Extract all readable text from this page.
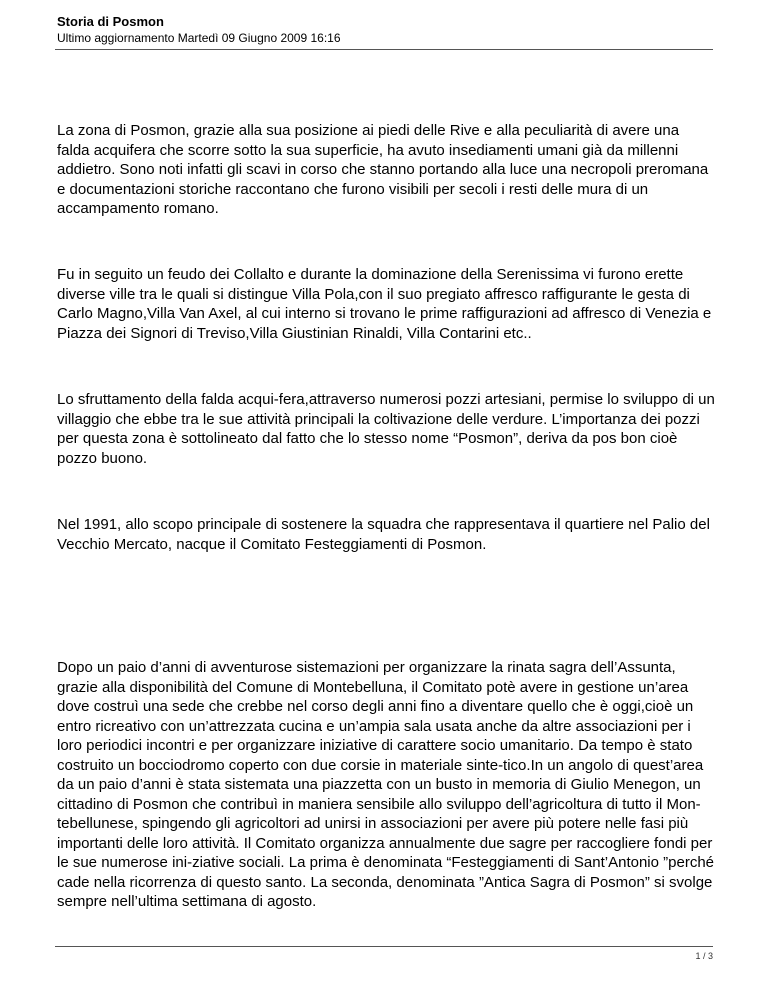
Storia di Posmon
Ultimo aggiornamento Martedì 09 Giugno 2009 16:16

La zona di Posmon, grazie alla sua posizione ai piedi delle Rive e alla peculiarità di avere una falda acquifera che scorre sotto la sua superficie, ha avuto insediamenti umani già da millenni addietro. Sono noti infatti gli scavi in corso che stanno portando alla luce una necropoli preromana e documentazioni storiche raccontano che furono visibili per secoli i resti delle mura di un accampamento romano.

Fu in seguito un feudo dei Collalto e durante la dominazione della Serenissima vi furono erette diverse ville tra le quali si distingue Villa Pola,con il suo pregiato affresco raffigurante le gesta di Carlo Magno,Villa Van Axel, al cui interno si trovano le prime raffigurazioni ad affresco di Venezia e Piazza dei Signori di Treviso,Villa Giustinian Rinaldi, Villa Contarini etc..

Lo sfruttamento della falda acqui-fera,attraverso numerosi pozzi artesiani, permise lo sviluppo di un villaggio che ebbe tra le sue attività principali la coltivazione delle verdure. L’importanza dei pozzi per questa zona è sottolineato dal fatto che lo stesso nome “Posmon”, deriva da pos bon cioè pozzo buono.

Nel 1991, allo scopo principale di sostenere la squadra che rappresentava il quartiere nel Palio del Vecchio Mercato, nacque il Comitato Festeggiamenti di Posmon.

Dopo un paio d’anni di avventurose sistemazioni per organizzare la rinata sagra dell’Assunta, grazie alla disponibilità del Comune di Montebelluna, il Comitato potè avere in gestione un’area dove costruì una sede che crebbe nel corso degli anni fino a diventare quello che è oggi,cioè un entro ricreativo con un’attrezzata cucina e un’ampia sala usata anche da altre associazioni per i loro periodici incontri e per organizzare iniziative di carattere socio umanitario. Da tempo è stato costruito un bocciodromo coperto con due corsie in materiale sinte-tico.In un angolo di quest’area da un paio d’anni è stata sistemata una piazzetta con un busto in memoria di Giulio Menegon, un cittadino di Posmon che contribuì in maniera sensibile allo sviluppo dell’agricoltura di tutto il Mon-tebellunese, spingendo gli agricoltori ad unirsi in associazioni per avere più potere nelle fasi più importanti delle loro attività. Il Comitato organizza annualmente due sagre per raccogliere fondi per le sue numerose ini-ziative sociali. La prima è denominata “Festeggiamenti di Sant’Antonio ”perché cade nella ricorrenza di questo santo. La seconda, denominata ”Antica Sagra di Posmon” si svolge sempre nell’ultima settimana di agosto.

1 / 3
